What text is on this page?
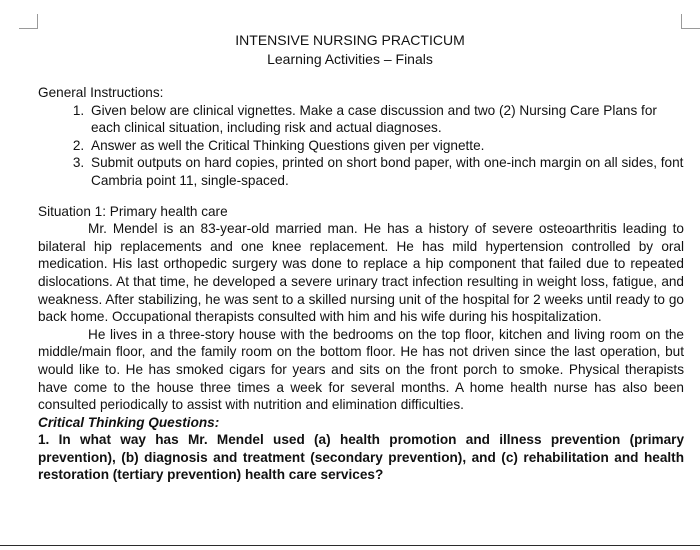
INTENSIVE NURSING PRACTICUM
Learning Activities – Finals

General Instructions:

1. Given below are clinical vignettes. Make a case discussion and two (2) Nursing Care Plans for each clinical situation, including risk and actual diagnoses.
2. Answer as well the Critical Thinking Questions given per vignette.
3. Submit outputs on hard copies, printed on short bond paper, with one-inch margin on all sides, font Cambria point 11, single-spaced.

Situation 1: Primary health care

Mr. Mendel is an 83-year-old married man. He has a history of severe osteoarthritis leading to bilateral hip replacements and one knee replacement. He has mild hypertension controlled by oral medication. His last orthopedic surgery was done to replace a hip component that failed due to repeated dislocations. At that time, he developed a severe urinary tract infection resulting in weight loss, fatigue, and weakness. After stabilizing, he was sent to a skilled nursing unit of the hospital for 2 weeks until ready to go back home. Occupational therapists consulted with him and his wife during his hospitalization.

He lives in a three-story house with the bedrooms on the top floor, kitchen and living room on the middle/main floor, and the family room on the bottom floor. He has not driven since the last operation, but would like to. He has smoked cigars for years and sits on the front porch to smoke. Physical therapists have come to the house three times a week for several months. A home health nurse has also been consulted periodically to assist with nutrition and elimination difficulties.

Critical Thinking Questions:

1. In what way has Mr. Mendel used (a) health promotion and illness prevention (primary prevention), (b) diagnosis and treatment (secondary prevention), and (c) rehabilitation and health restoration (tertiary prevention) health care services?
